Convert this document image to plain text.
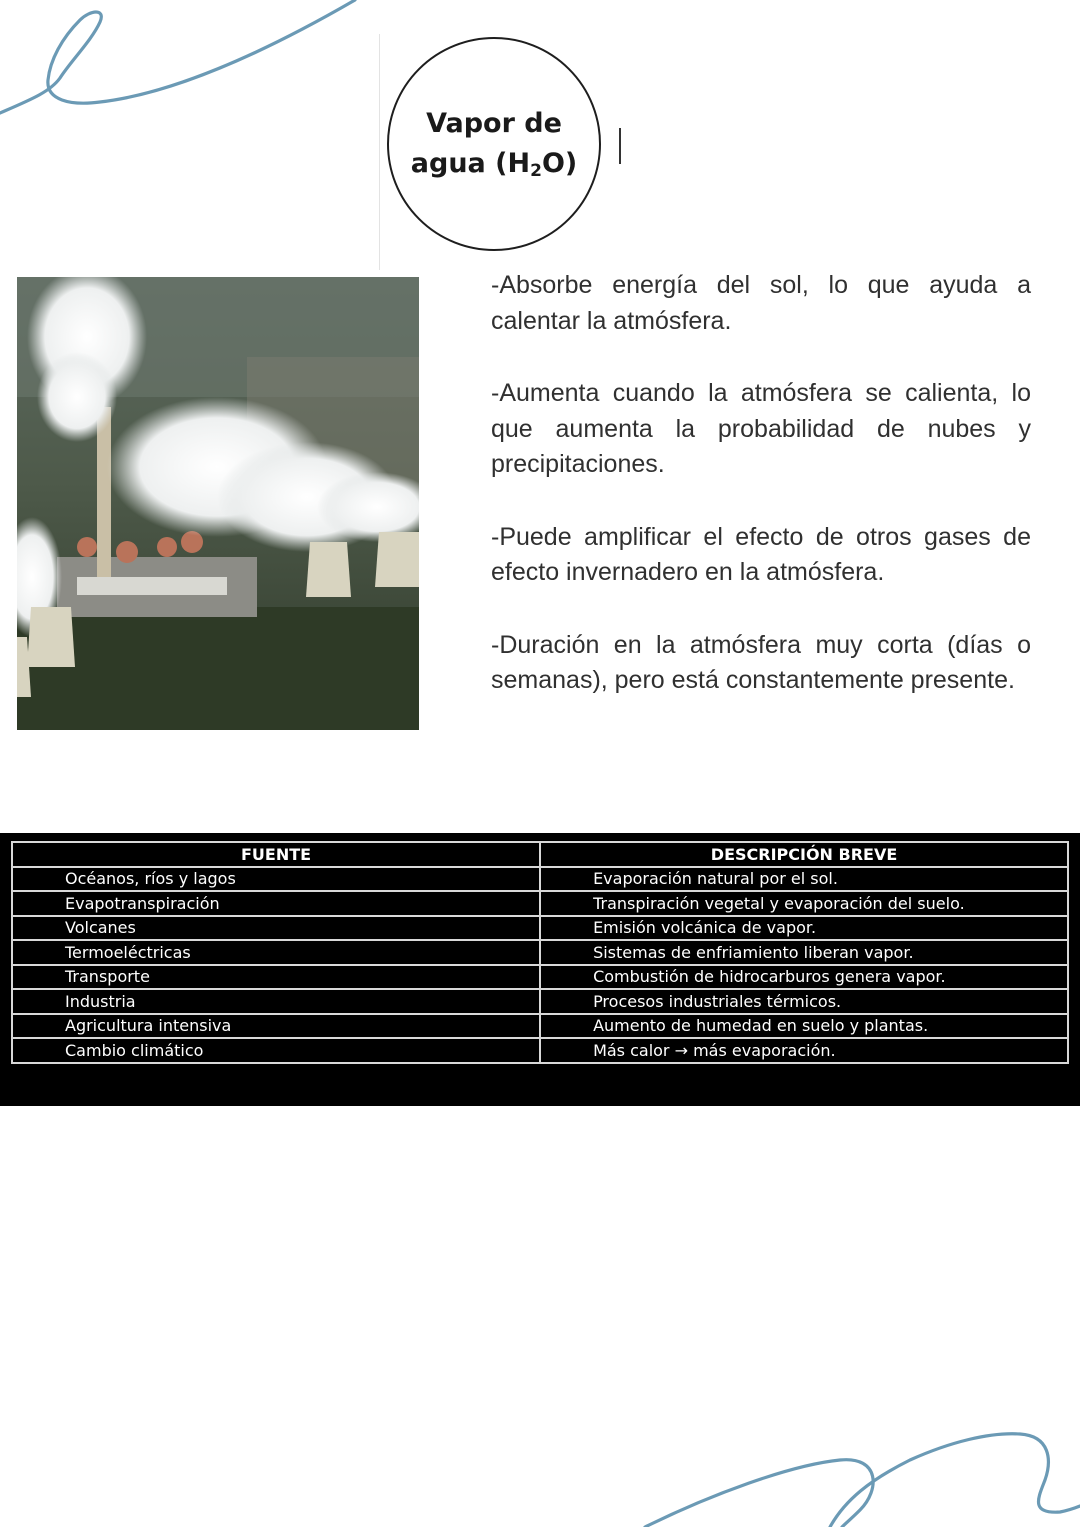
Vapor de
agua $(H_2O)$

-Absorbe energía del sol, lo que ayuda a calentar la atmósfera.

-Aumenta cuando la atmósfera se calienta, lo que aumenta la probabilidad de nubes y precipitaciones.

-Puede amplificar el efecto de otros gases de efecto invernadero en la atmósfera.

-Duración en la atmósfera muy corta (días o semanas), pero está constantemente presente.

FUENTE	DESCRIPCIÓN BREVE
Océanos, ríos y lagos	Evaporación natural por el sol.
Evapotranspiración	Transpiración vegetal y evaporación del suelo.
Volcanes	Emisión volcánica de vapor.
Termoeléctricas	Sistemas de enfriamiento liberan vapor.
Transporte	Combustión de hidrocarburos genera vapor.
Industria	Procesos industriales térmicos.
Agricultura intensiva	Aumento de humedad en suelo y plantas.
Cambio climático	Más calor → más evaporación.
